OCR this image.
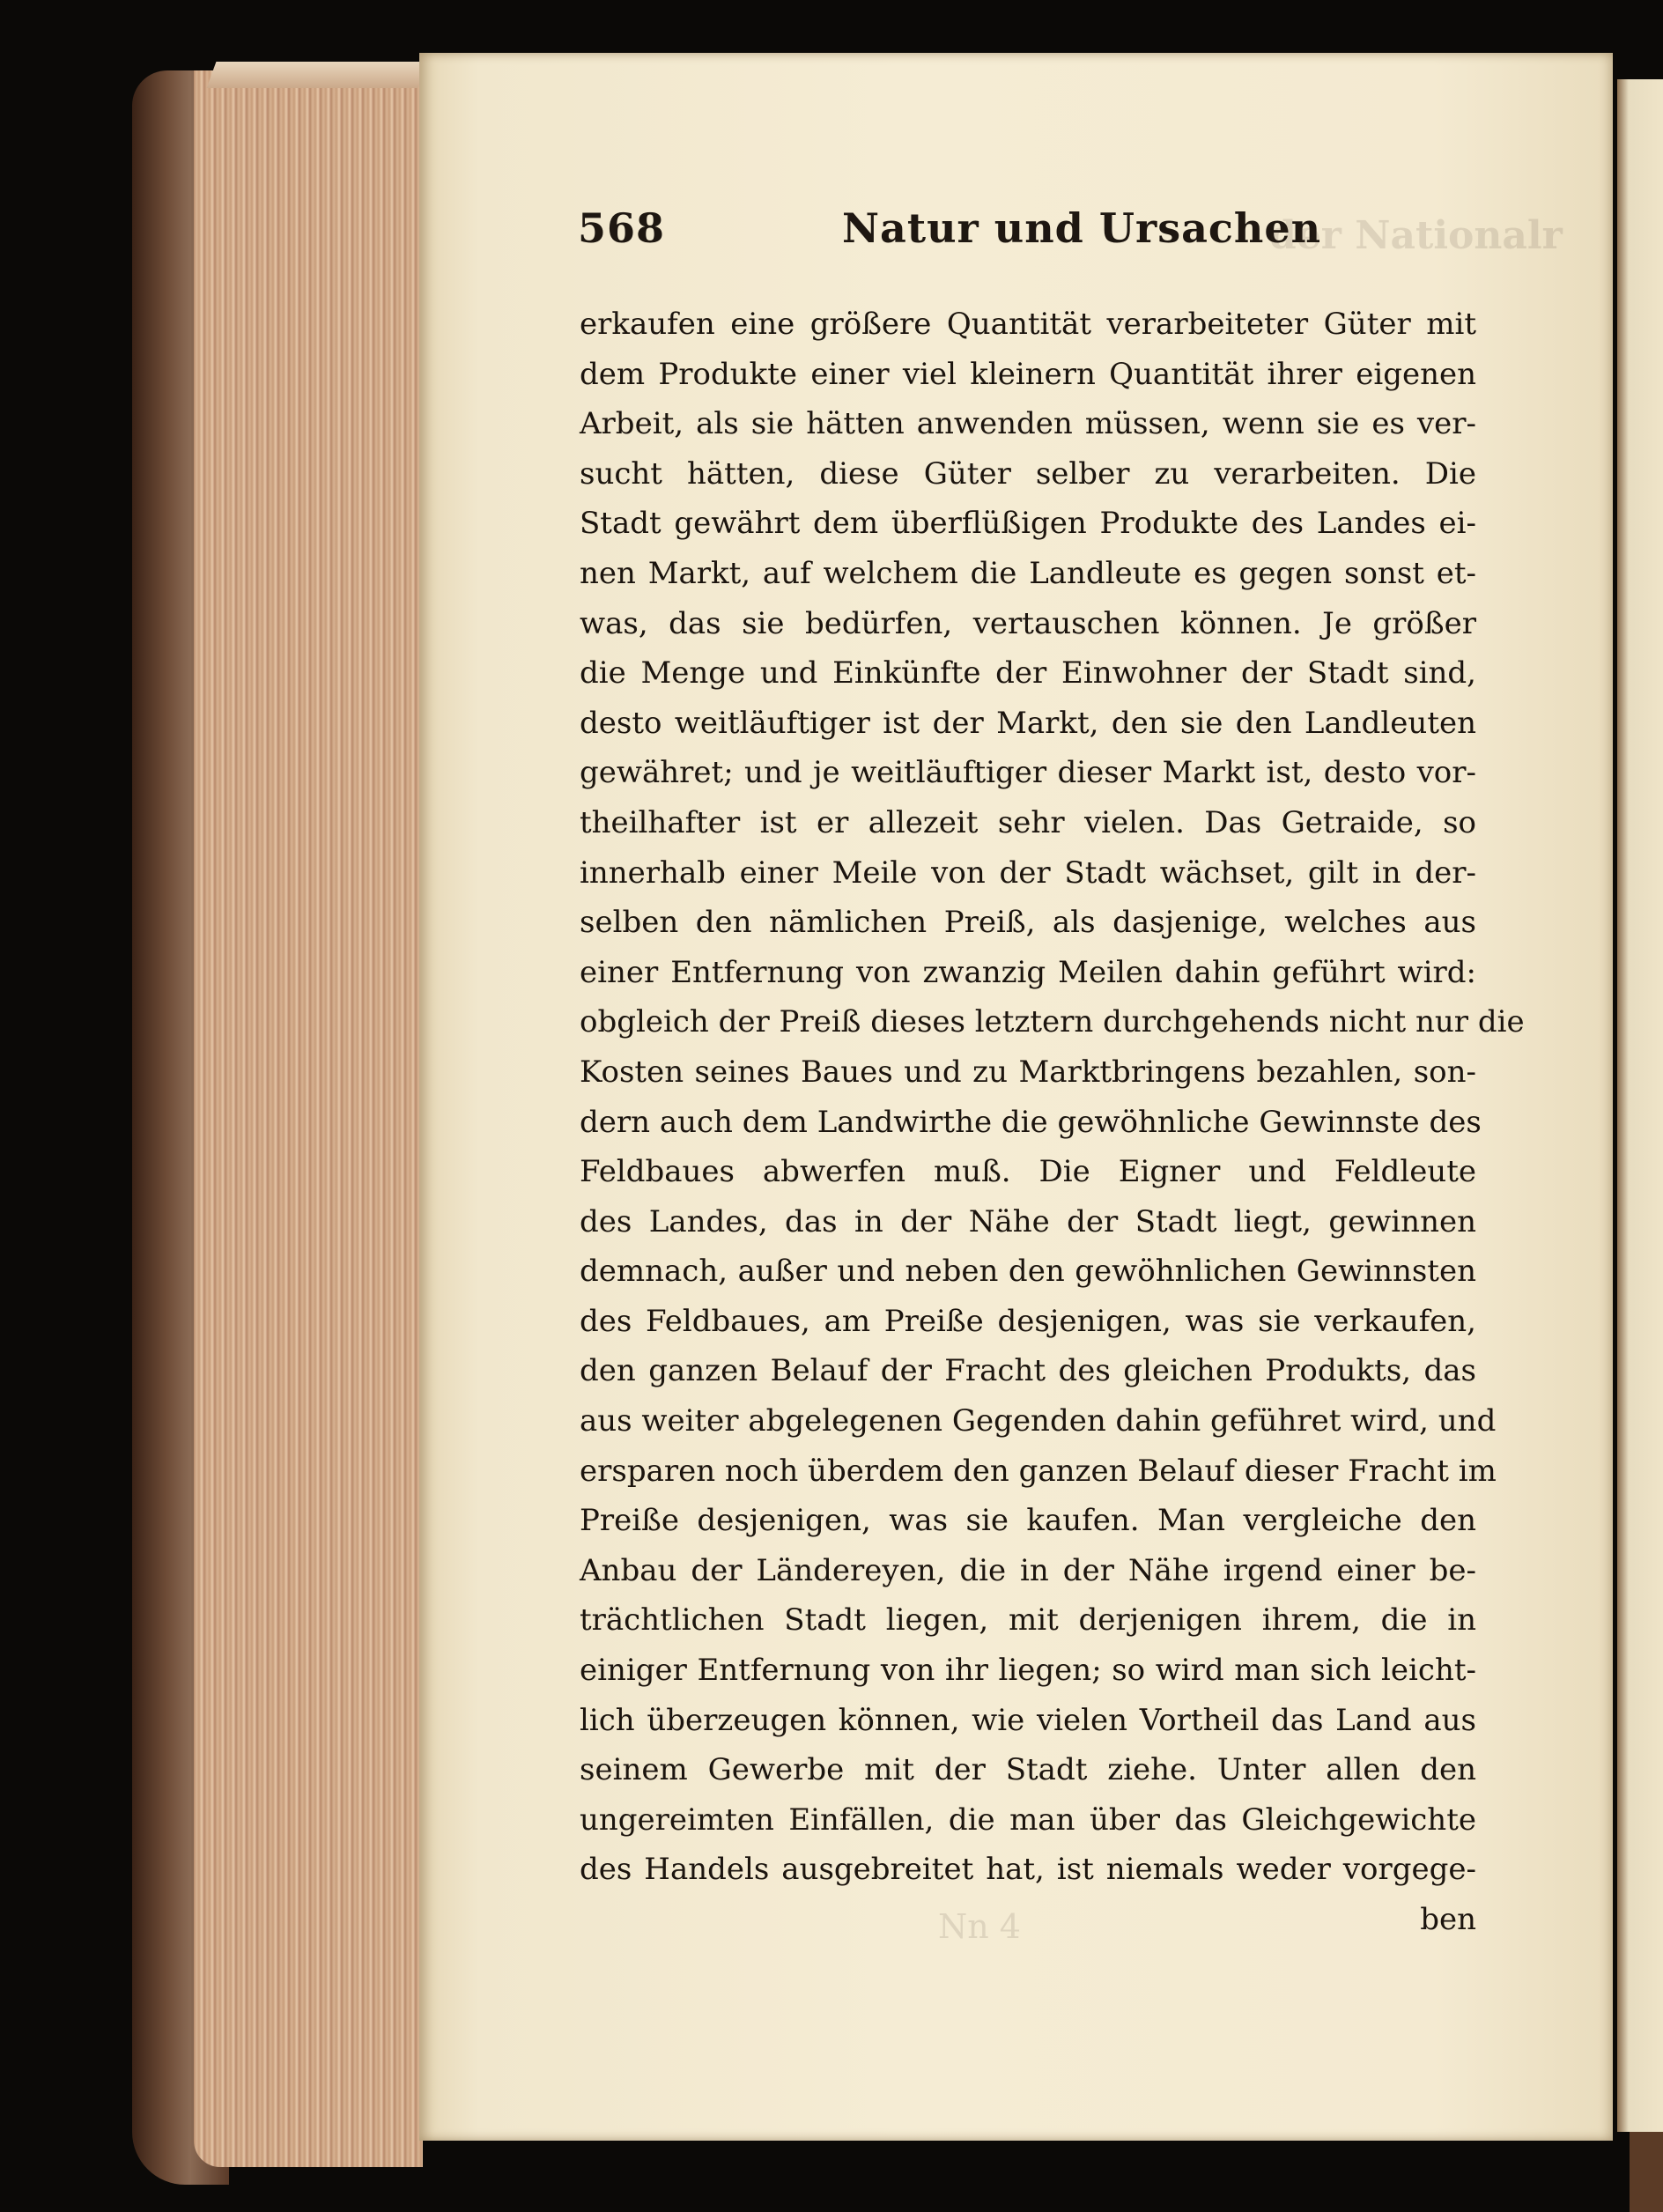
568	Natur und Ursachen
der Nationalr
erkaufen eine größere Quantität verarbeiteter Güter mit
dem Produkte einer viel kleinern Quantität ihrer eigenen
Arbeit, als sie hätten anwenden müssen, wenn sie es ver-
sucht hätten, diese Güter selber zu verarbeiten. Die
Stadt gewährt dem überflüßigen Produkte des Landes ei-
nen Markt, auf welchem die Landleute es gegen sonst et-
was, das sie bedürfen, vertauschen können. Je größer
die Menge und Einkünfte der Einwohner der Stadt sind,
desto weitläuftiger ist der Markt, den sie den Landleuten
gewähret; und je weitläuftiger dieser Markt ist, desto vor-
theilhafter ist er allezeit sehr vielen. Das Getraide, so
innerhalb einer Meile von der Stadt wächset, gilt in der-
selben den nämlichen Preiß, als dasjenige, welches aus
einer Entfernung von zwanzig Meilen dahin geführt wird:
obgleich der Preiß dieses letztern durchgehends nicht nur die
Kosten seines Baues und zu Marktbringens bezahlen, son-
dern auch dem Landwirthe die gewöhnliche Gewinnste des
Feldbaues abwerfen muß. Die Eigner und Feldleute
des Landes, das in der Nähe der Stadt liegt, gewinnen
demnach, außer und neben den gewöhnlichen Gewinnsten
des Feldbaues, am Preiße desjenigen, was sie verkaufen,
den ganzen Belauf der Fracht des gleichen Produkts, das
aus weiter abgelegenen Gegenden dahin geführet wird, und
ersparen noch überdem den ganzen Belauf dieser Fracht im
Preiße desjenigen, was sie kaufen. Man vergleiche den
Anbau der Ländereyen, die in der Nähe irgend einer be-
trächtlichen Stadt liegen, mit derjenigen ihrem, die in
einiger Entfernung von ihr liegen; so wird man sich leicht-
lich überzeugen können, wie vielen Vortheil das Land aus
seinem Gewerbe mit der Stadt ziehe. Unter allen den
ungereimten Einfällen, die man über das Gleichgewichte
des Handels ausgebreitet hat, ist niemals weder vorgege-
ben
Nn 4
